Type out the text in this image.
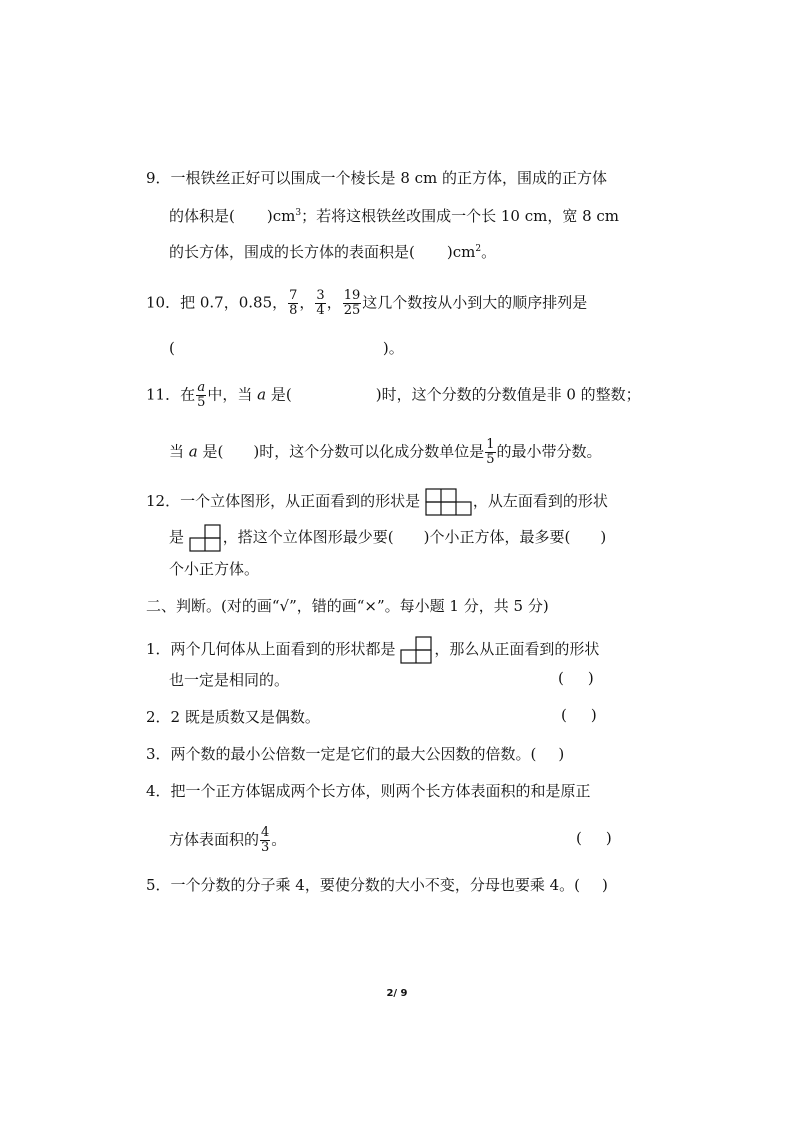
9．一根铁丝正好可以围成一个棱长是 8 cm 的正方体，围成的正方体
的体积是( )$cm^3$；若将这根铁丝改围成一个长 10 cm，宽 8 cm
的长方体，围成的长方体的表面积是( )$cm^2$。
10．把 0.7，0.85， $\frac{7}{8}$ ， $\frac{3}{4}$ ， $\frac{19}{25}$ 这几个数按从小到大的顺序排列是
(	)。
11．在 $\frac{a}{5}$ 中，当 a 是(	)时，这个分数的分数值是非 0 的整数；
当 a 是( )时，这个分数可以化成分数单位是 $\frac{1}{5}$ 的最小带分数。
12．一个立体图形，从正面看到的形状是	，从左面看到的形状
是	，搭这个立体图形最少要( )个小正方体，最多要( )
个小正方体。
二、判断。(对的画“√”，错的画“×”。每小题 1 分，共 5 分)
1．两个几何体从上面看到的形状都是	，那么从正面看到的形状
也一定是相同的。	( )
2．2 既是质数又是偶数。	( )
3．两个数的最小公倍数一定是它们的最大公因数的倍数。( )
4．把一个正方体锯成两个长方体，则两个长方体表面积的和是原正
方体表面积的 $\frac{4}{3}$ 。	( )
5．一个分数的分子乘 4，要使分数的大小不变，分母也要乘 4。( )
2/ 9
